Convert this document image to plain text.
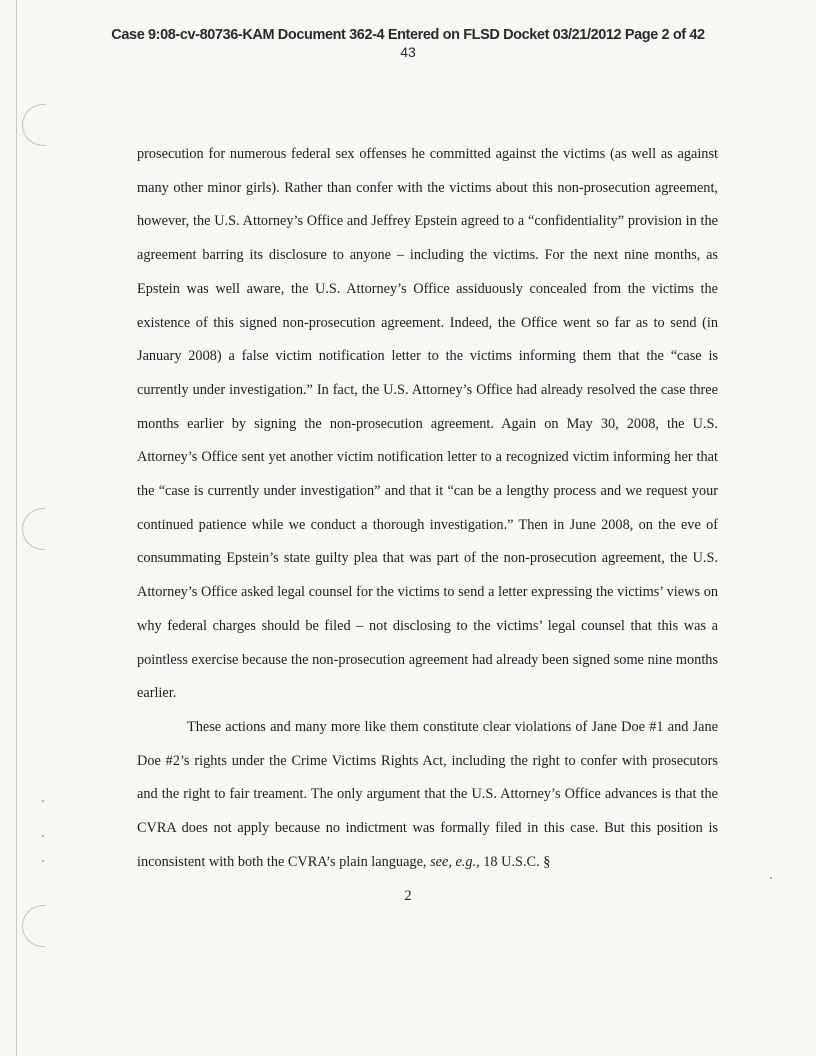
Case 9:08-cv-80736-KAM Document 362-4 Entered on FLSD Docket 03/21/2012 Page 2 of 42
43

prosecution for numerous federal sex offenses he committed against the victims (as well as against many other minor girls). Rather than confer with the victims about this non-prosecution agreement, however, the U.S. Attorney’s Office and Jeffrey Epstein agreed to a “confidentiality” provision in the agreement barring its disclosure to anyone – including the victims. For the next nine months, as Epstein was well aware, the U.S. Attorney’s Office assiduously concealed from the victims the existence of this signed non-prosecution agreement. Indeed, the Office went so far as to send (in January 2008) a false victim notification letter to the victims informing them that the “case is currently under investigation.” In fact, the U.S. Attorney’s Office had already resolved the case three months earlier by signing the non-prosecution agreement. Again on May 30, 2008, the U.S. Attorney’s Office sent yet another victim notification letter to a recognized victim informing her that the “case is currently under investigation” and that it “can be a lengthy process and we request your continued patience while we conduct a thorough investigation.” Then in June 2008, on the eve of consummating Epstein’s state guilty plea that was part of the non-prosecution agreement, the U.S. Attorney’s Office asked legal counsel for the victims to send a letter expressing the victims’ views on why federal charges should be filed – not disclosing to the victims’ legal counsel that this was a pointless exercise because the non-prosecution agreement had already been signed some nine months earlier.

These actions and many more like them constitute clear violations of Jane Doe #1 and Jane Doe #2’s rights under the Crime Victims Rights Act, including the right to confer with prosecutors and the right to fair treament. The only argument that the U.S. Attorney’s Office advances is that the CVRA does not apply because no indictment was formally filed in this case. But this position is inconsistent with both the CVRA’s plain language, see, e.g., 18 U.S.C. §

2
